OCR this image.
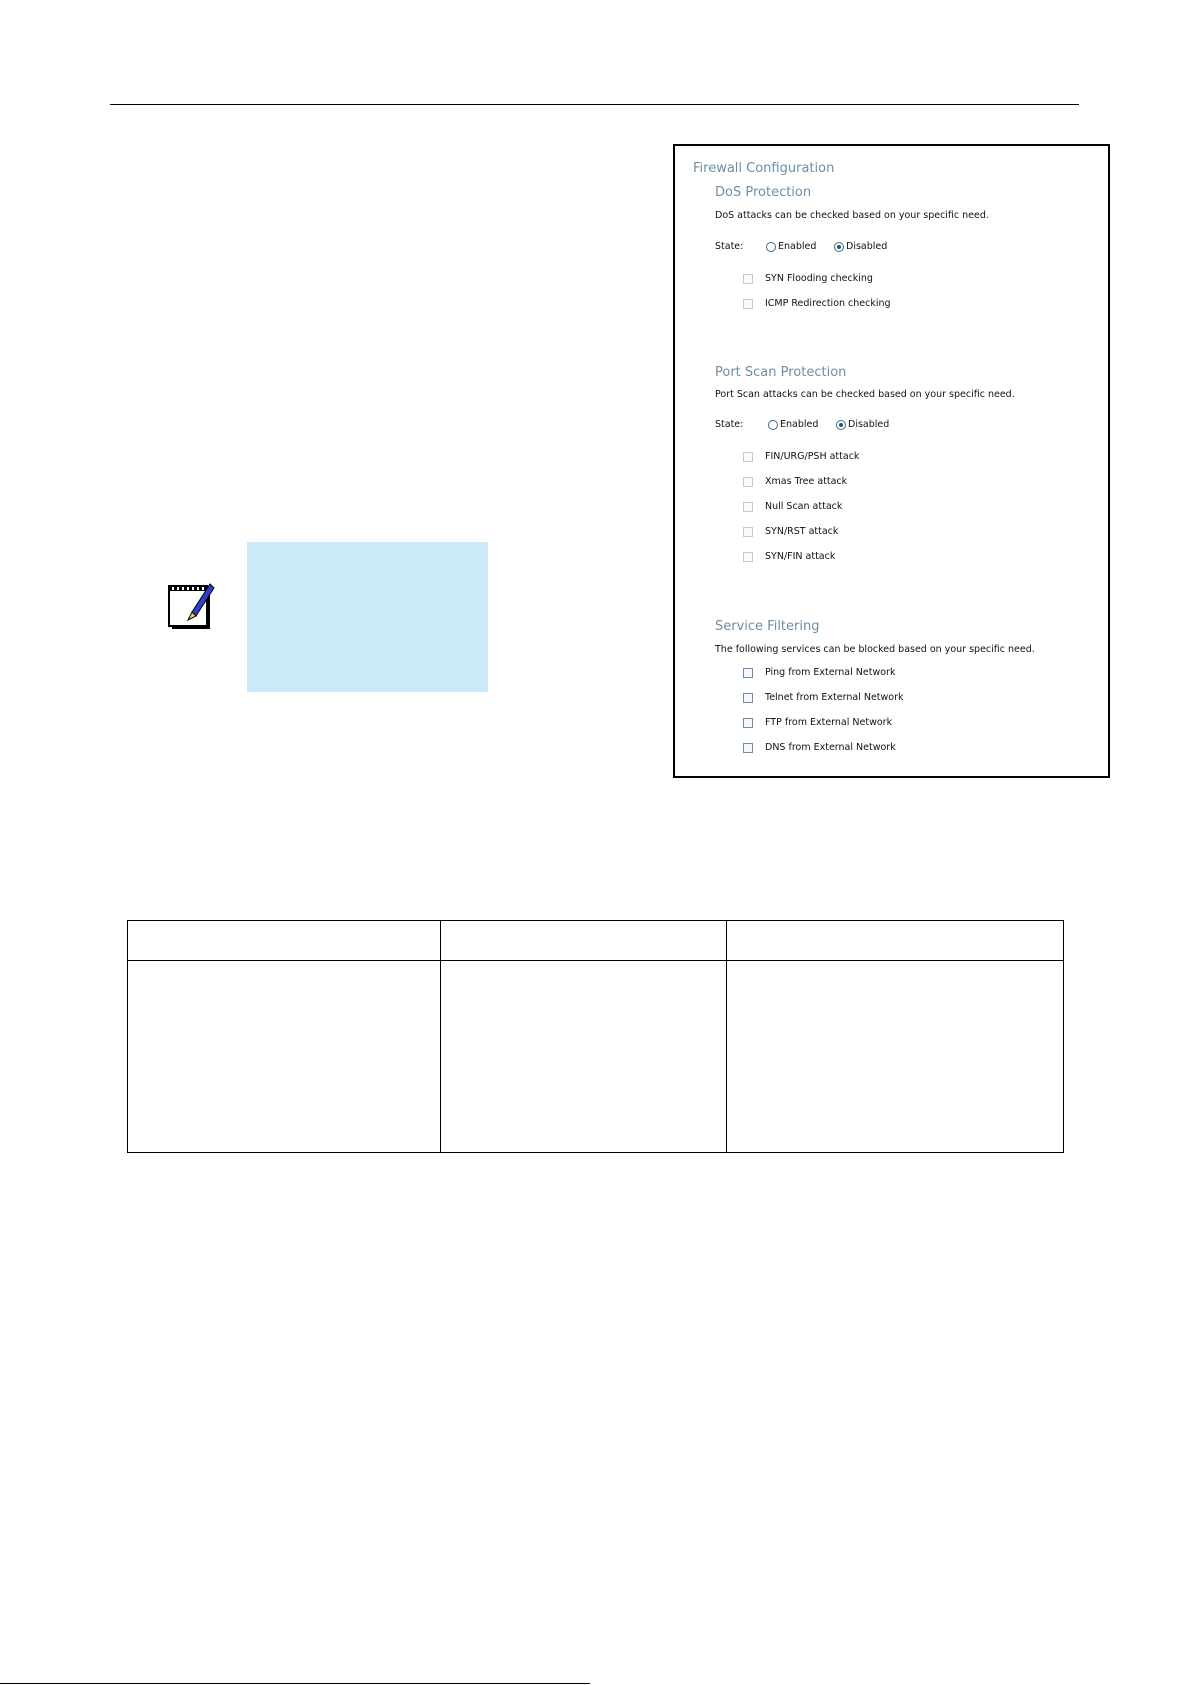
Firewall Configuration
DoS Protection
DoS attacks can be checked based on your specific need.
State:	Enabled	Disabled
SYN Flooding checking
ICMP Redirection checking
Port Scan Protection
Port Scan attacks can be checked based on your specific need.
State:	Enabled	Disabled
FIN/URG/PSH attack
Xmas Tree attack
Null Scan attack
SYN/RST attack
SYN/FIN attack
Service Filtering
The following services can be blocked based on your specific need.
Ping from External Network
Telnet from External Network
FTP from External Network
DNS from External Network
